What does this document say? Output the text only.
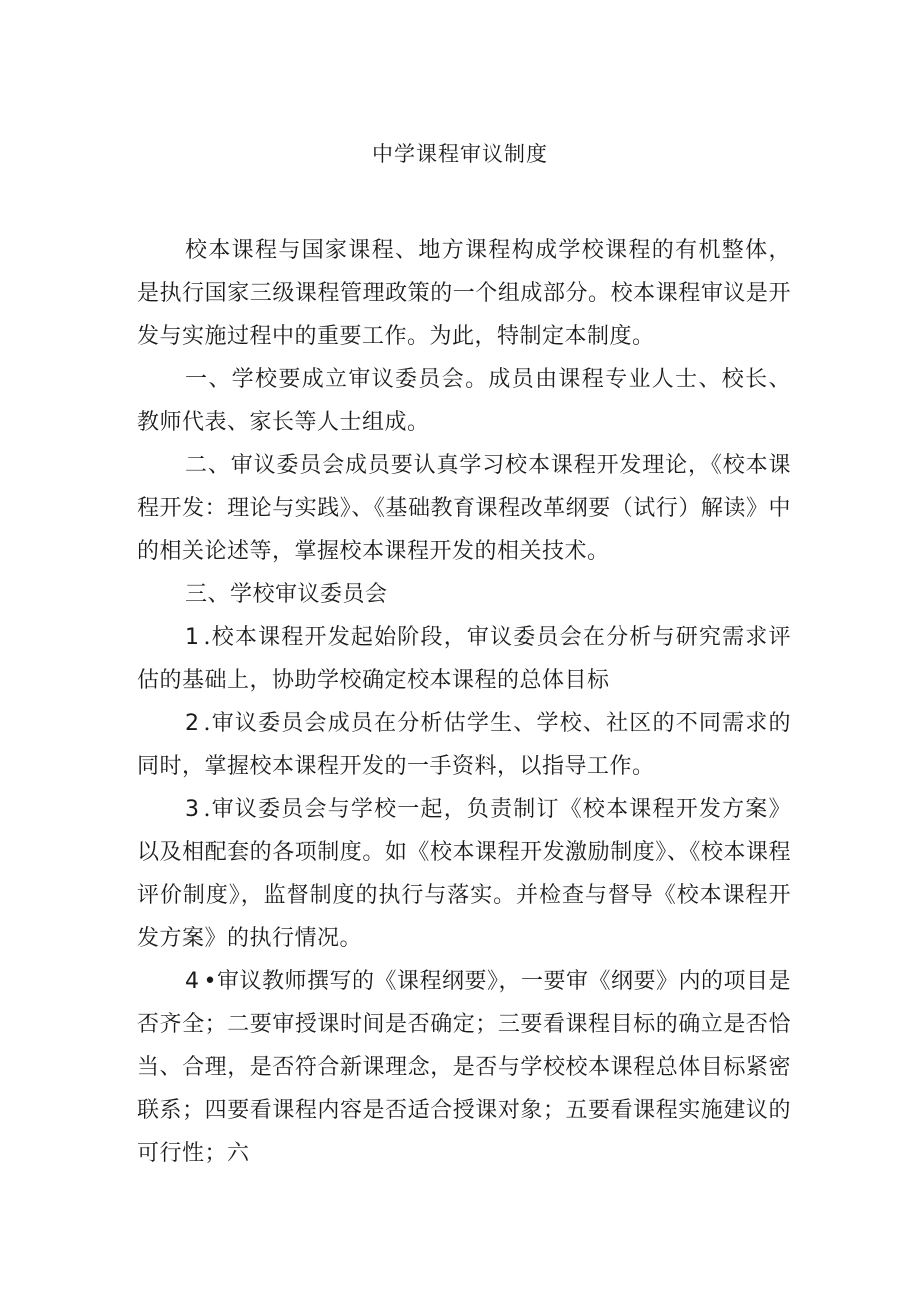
中学课程审议制度

校本课程与国家课程、地方课程构成学校课程的有机整体，是执行国家三级课程管理政策的一个组成部分。校本课程审议是开发与实施过程中的重要工作。为此，特制定本制度。

一、学校要成立审议委员会。成员由课程专业人士、校长、教师代表、家长等人士组成。

二、审议委员会成员要认真学习校本课程开发理论，《校本课程开发：理论与实践》、《基础教育课程改革纲要（试行）解读》中的相关论述等，掌握校本课程开发的相关技术。

三、学校审议委员会

1 .校本课程开发起始阶段，审议委员会在分析与研究需求评估的基础上，协助学校确定校本课程的总体目标

2 .审议委员会成员在分析估学生、学校、社区的不同需求的同时，掌握校本课程开发的一手资料，以指导工作。

3 .审议委员会与学校一起，负责制订《校本课程开发方案》以及相配套的各项制度。如《校本课程开发激励制度》、《校本课程评价制度》，监督制度的执行与落实。并检查与督导《校本课程开发方案》的执行情况。

4 •审议教师撰写的《课程纲要》，一要审《纲要》内的项目是否齐全；二要审授课时间是否确定；三要看课程目标的确立是否恰当、合理，是否符合新课理念，是否与学校校本课程总体目标紧密联系；四要看课程内容是否适合授课对象；五要看课程实施建议的可行性；六
